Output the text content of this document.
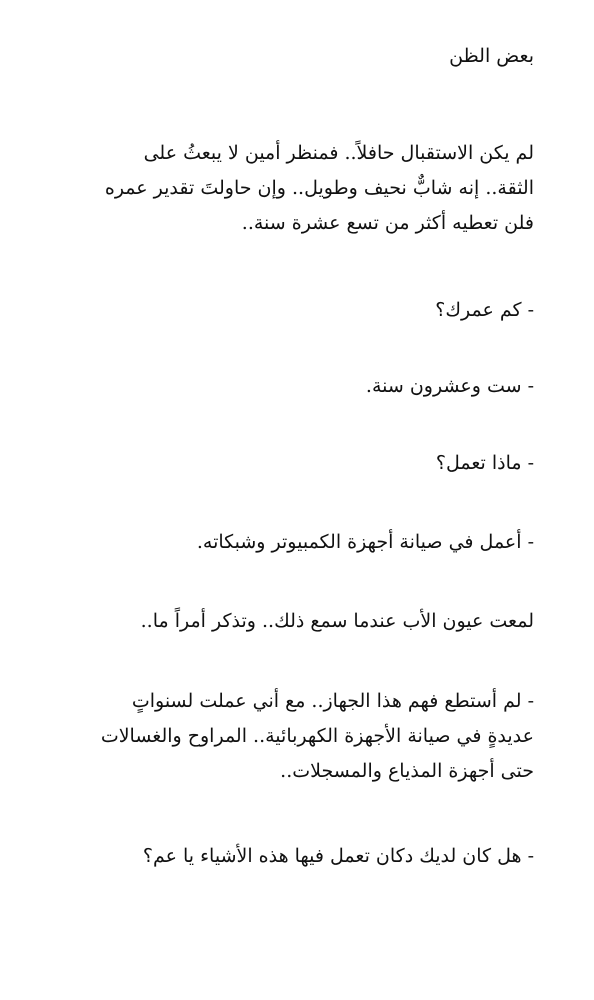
بعض الظن
لم يكن الاستقبال حافلاً.. فمنظر أمين لا يبعثُ على
الثقة.. إنه شابٌّ نحيف وطويل.. وإن حاولتَ تقدير عمره
فلن تعطيه أكثر من تسع عشرة سنة..
- كم عمرك؟
- ست وعشرون سنة.
- ماذا تعمل؟
- أعمل في صيانة أجهزة الكمبيوتر وشبكاته.
لمعت عيون الأب عندما سمع ذلك.. وتذكر أمراً ما..
- لم أستطع فهم هذا الجهاز.. مع أني عملت لسنواتٍ
عديدةٍ في صيانة الأجهزة الكهربائية.. المراوح والغسالات
حتى أجهزة المذياع والمسجلات..
- هل كان لديك دكان تعمل فيها هذه الأشياء يا عم؟
